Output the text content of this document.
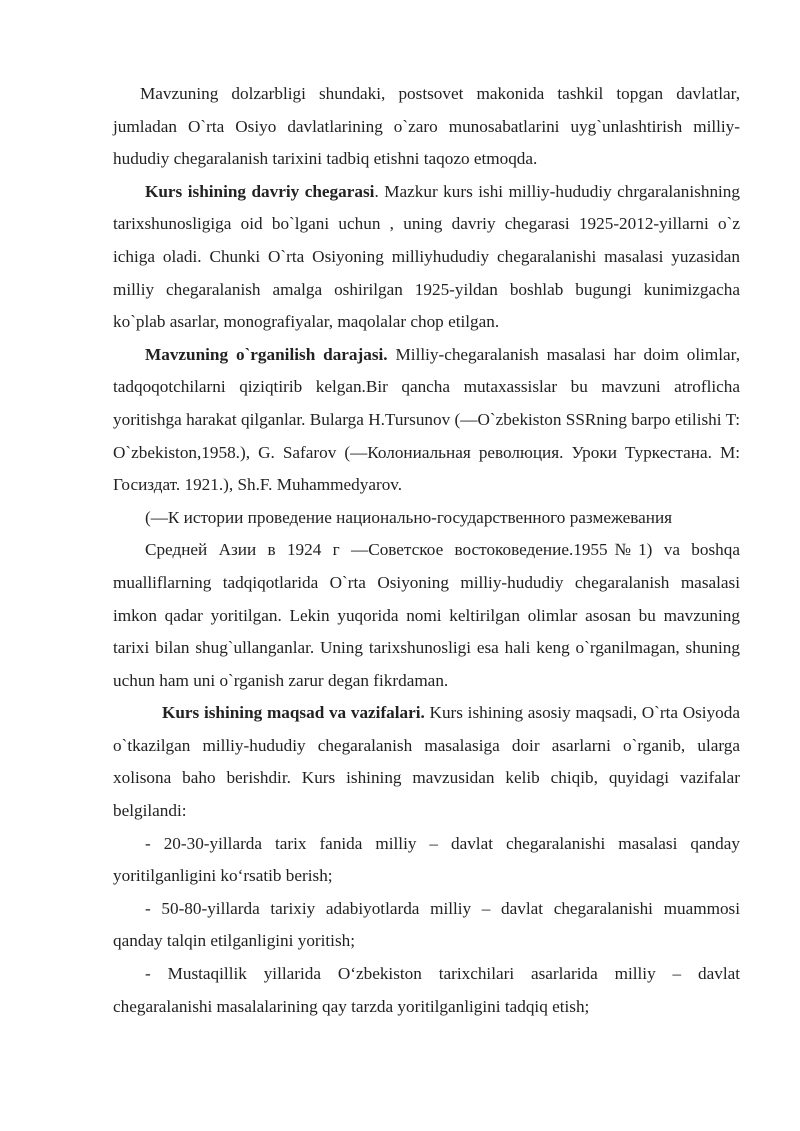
Mavzuning dolzarbligi shundaki, postsovet makonida tashkil topgan davlatlar, jumladan O`rta Osiyo davlatlarining o`zaro munosabatlarini uyg`unlashtirish milliy-hududiy chegaralanish tarixini tadbiq etishni taqozo etmoqda.

Kurs ishining davriy chegarasi. Mazkur kurs ishi milliy-hududiy chrgaralanishning tarixshunosligiga oid bo`lgani uchun , uning davriy chegarasi 1925-2012-yillarni o`z ichiga oladi. Chunki O`rta Osiyoning milliyhududiy chegaralanishi masalasi yuzasidan milliy chegaralanish amalga oshirilgan 1925-yildan boshlab bugungi kunimizgacha ko`plab asarlar, monografiyalar, maqolalar chop etilgan.

Mavzuning o`rganilish darajasi. Milliy-chegaralanish masalasi har doim olimlar, tadqoqotchilarni qiziqtirib kelgan.Bir qancha mutaxassislar bu mavzuni atroflicha yoritishga harakat qilganlar. Bularga H.Tursunov (―O`zbekiston SSRning barpo etilishi T: O`zbekiston,1958.), G. Safarov (―Колониальная революция. Уроки Туркестана. М: Госиздат. 1921.), Sh.F. Muhammedyarov.

(―К истории проведение национально-государственного размежевания

Средней Азии в 1924 г ―Советское востоковедение.1955№1) va boshqa mualliflarning tadqiqotlarida O`rta Osiyoning milliy-hududiy chegaralanish masalasi imkon qadar yoritilgan. Lekin yuqorida nomi keltirilgan olimlar asosan bu mavzuning tarixi bilan shug`ullanganlar. Uning tarixshunosligi esa hali keng o`rganilmagan, shuning uchun ham uni o`rganish zarur degan fikrdaman.

Kurs ishining maqsad va vazifalari. Kurs ishining asosiy maqsadi, O`rta Osiyoda o`tkazilgan milliy-hududiy chegaralanish masalasiga doir asarlarni o`rganib, ularga xolisona baho berishdir. Kurs ishining mavzusidan kelib chiqib, quyidagi vazifalar belgilandi:

- 20-30-yillarda tarix fanida milliy – davlat chegaralanishi masalasi qanday yoritilganligini koʻrsatib berish;

- 50-80-yillarda tarixiy adabiyotlarda milliy – davlat chegaralanishi muammosi qanday talqin etilganligini yoritish;

- Mustaqillik yillarida Oʻzbekiston tarixchilari asarlarida milliy – davlat chegaralanishi masalalarining qay tarzda yoritilganligini tadqiq etish;
